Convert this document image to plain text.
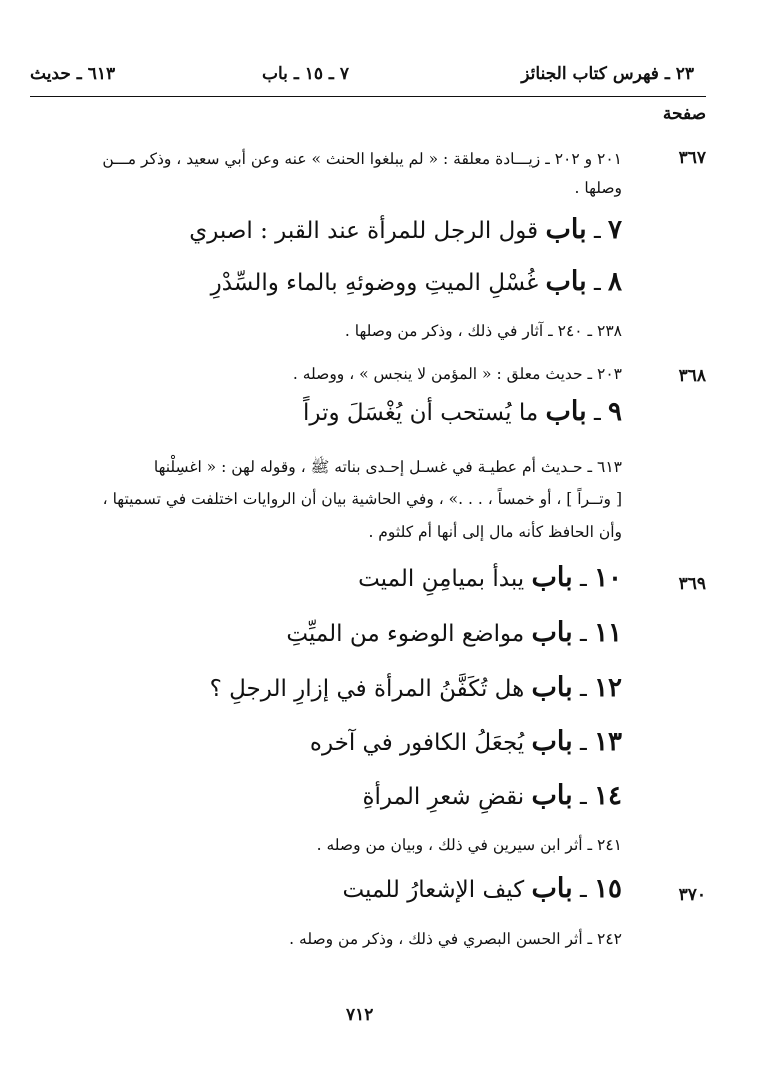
٢٣ ـ فهرس كتاب الجنائز
٧ ـ ١٥ ـ باب
٦١٣ ـ حديث
صفحة
٣٦٧
٢٠١ و ٢٠٢ ـ زيـــادة معلقة : « لم يبلغوا الحنث » عنه وعن أبي سعيد ، وذكر مـــن
وصلها .
٧ ـ باب قول الرجل للمرأة عند القبر : اصبري
٨ ـ باب غُسْلِ الميتِ ووضوئهِ بالماء والسِّدْرِ
٢٣٨ ـ ٢٤٠ ـ آثار في ذلك ، وذكر من وصلها .
٣٦٨
٢٠٣ ـ حديث معلق : « المؤمن لا ينجس » ، ووصله .
٩ ـ باب ما يُستحب أن يُغْسَلَ وتراً
٦١٣ ـ حـديث أم عطيـة في غسـل إحـدى بناته ﷺ ، وقوله لهن : « اغسِلْنها
[ وتــراً ] ، أو خمساً ، . . .» ، وفي الحاشية بيان أن الروايات اختلفت في تسميتها ،
وأن الحافظ كأنه مال إلى أنها أم كلثوم .
٣٦٩
١٠ ـ باب يبدأ بميامِنِ الميت
١١ ـ باب مواضع الوضوء من الميِّتِ
١٢ ـ باب هل تُكَفَّنُ المرأة في إزارِ الرجلِ ؟
١٣ ـ باب يُجعَلُ الكافور في آخره
١٤ ـ باب نقضِ شعرِ المرأةِ
٢٤١ ـ أثر ابن سيرين في ذلك ، وبيان من وصله .
٣٧٠
١٥ ـ باب كيف الإشعارُ للميت
٢٤٢ ـ أثر الحسن البصري في ذلك ، وذكر من وصله .
٧١٢
